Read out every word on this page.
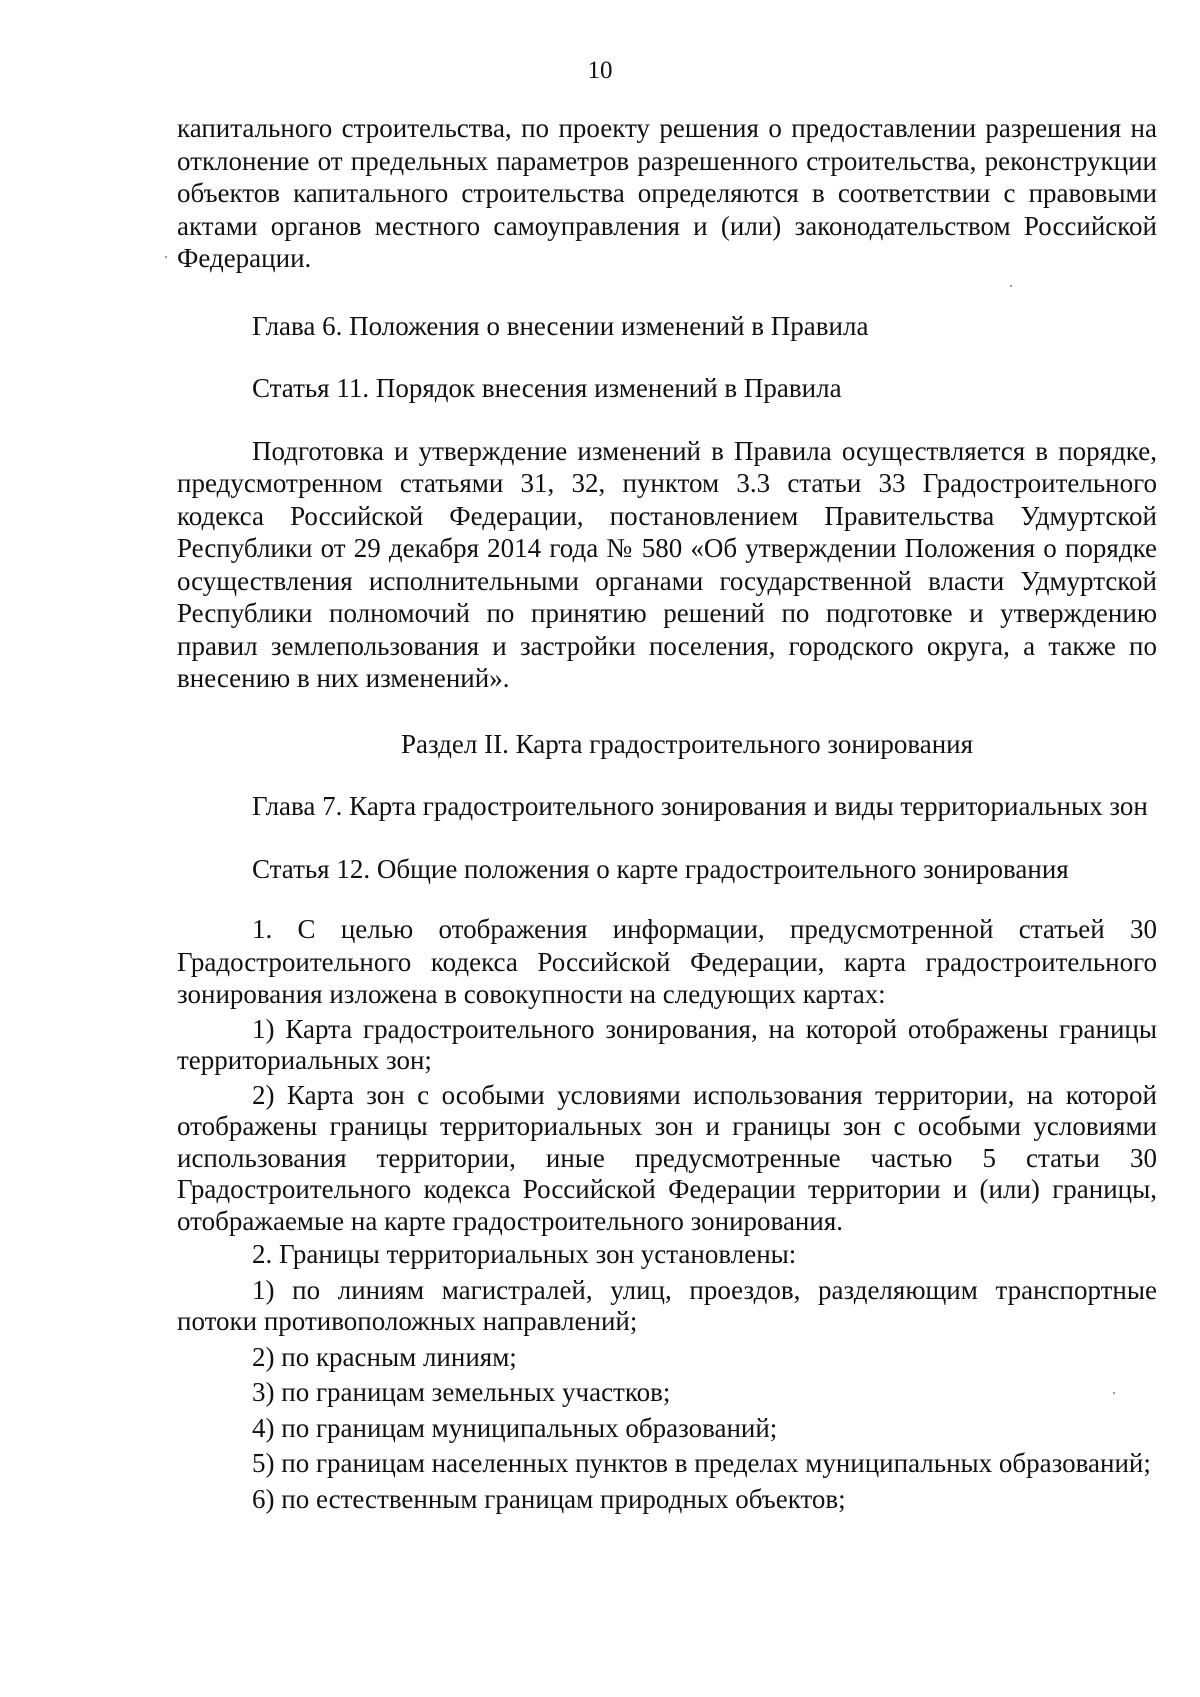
10

капитального строительства, по проекту решения о предоставлении разрешения на отклонение от предельных параметров разрешенного строительства, реконструкции объектов капитального строительства определяются в соответствии с правовыми актами органов местного самоуправления и (или) законодательством Российской Федерации.

Глава 6. Положения о внесении изменений в Правила

Статья 11. Порядок внесения изменений в Правила

Подготовка и утверждение изменений в Правила осуществляется в порядке, предусмотренном статьями 31, 32, пунктом 3.3 статьи 33 Градостроительного кодекса Российской Федерации, постановлением Правительства Удмуртской Республики от 29 декабря 2014 года № 580 «Об утверждении Положения о порядке осуществления исполнительными органами государственной власти Удмуртской Республики полномочий по принятию решений по подготовке и утверждению правил землепользования и застройки поселения, городского округа, а также по внесению в них изменений».

Раздел II. Карта градостроительного зонирования

Глава 7. Карта градостроительного зонирования и виды территориальных зон

Статья 12. Общие положения о карте градостроительного зонирования

1. С целью отображения информации, предусмотренной статьей 30 Градостроительного кодекса Российской Федерации, карта градостроительного зонирования изложена в совокупности на следующих картах:

1) Карта градостроительного зонирования, на которой отображены границы территориальных зон;

2) Карта зон с особыми условиями использования территории, на которой отображены границы территориальных зон и границы зон с особыми условиями использования территории, иные предусмотренные частью 5 статьи 30 Градостроительного кодекса Российской Федерации территории и (или) границы, отображаемые на карте градостроительного зонирования.

2. Границы территориальных зон установлены:

1) по линиям магистралей, улиц, проездов, разделяющим транспортные потоки противоположных направлений;

2) по красным линиям;

3) по границам земельных участков;

4) по границам муниципальных образований;

5) по границам населенных пунктов в пределах муниципальных образований;

6) по естественным границам природных объектов;
